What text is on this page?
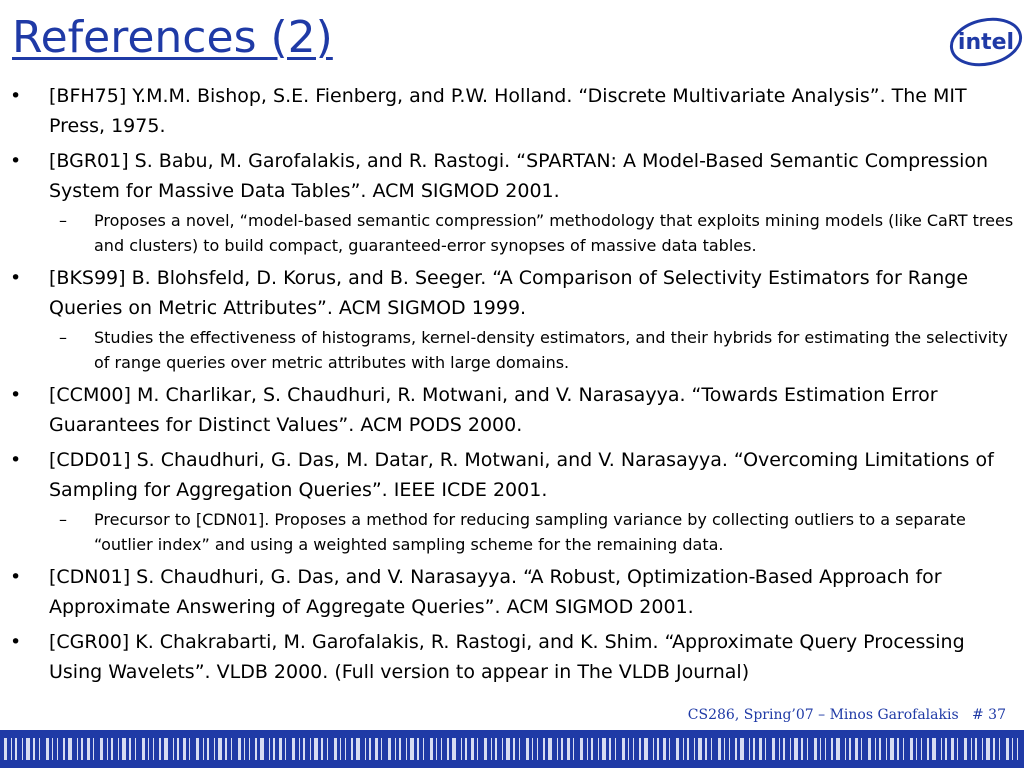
References (2)	intel
•	[BFH75] Y.M.M. Bishop, S.E. Fienberg, and P.W. Holland. “Discrete Multivariate Analysis”. The MIT Press, 1975.
•	[BGR01] S. Babu, M. Garofalakis, and R. Rastogi. “SPARTAN: A Model-Based Semantic Compression System for Massive Data Tables”. ACM SIGMOD 2001.
– Proposes a novel, “model-based semantic compression” methodology that exploits mining models (like CaRT trees and clusters) to build compact, guaranteed-error synopses of massive data tables.
•	[BKS99] B. Blohsfeld, D. Korus, and B. Seeger. “A Comparison of Selectivity Estimators for Range Queries on Metric Attributes”. ACM SIGMOD 1999.
– Studies the effectiveness of histograms, kernel-density estimators, and their hybrids for estimating the selectivity of range queries over metric attributes with large domains.
•	[CCM00] M. Charlikar, S. Chaudhuri, R. Motwani, and V. Narasayya. “Towards Estimation Error Guarantees for Distinct Values”. ACM PODS 2000.
•	[CDD01] S. Chaudhuri, G. Das, M. Datar, R. Motwani, and V. Narasayya. “Overcoming Limitations of Sampling for Aggregation Queries”. IEEE ICDE 2001.
– Precursor to [CDN01]. Proposes a method for reducing sampling variance by collecting outliers to a separate “outlier index” and using a weighted sampling scheme for the remaining data.
•	[CDN01] S. Chaudhuri, G. Das, and V. Narasayya. “A Robust, Optimization-Based Approach for Approximate Answering of Aggregate Queries”. ACM SIGMOD 2001.
•	[CGR00] K. Chakrabarti, M. Garofalakis, R. Rastogi, and K. Shim. “Approximate Query Processing Using Wavelets”. VLDB 2000. (Full version to appear in The VLDB Journal)
CS286, Spring’07 – Minos Garofalakis # 37
